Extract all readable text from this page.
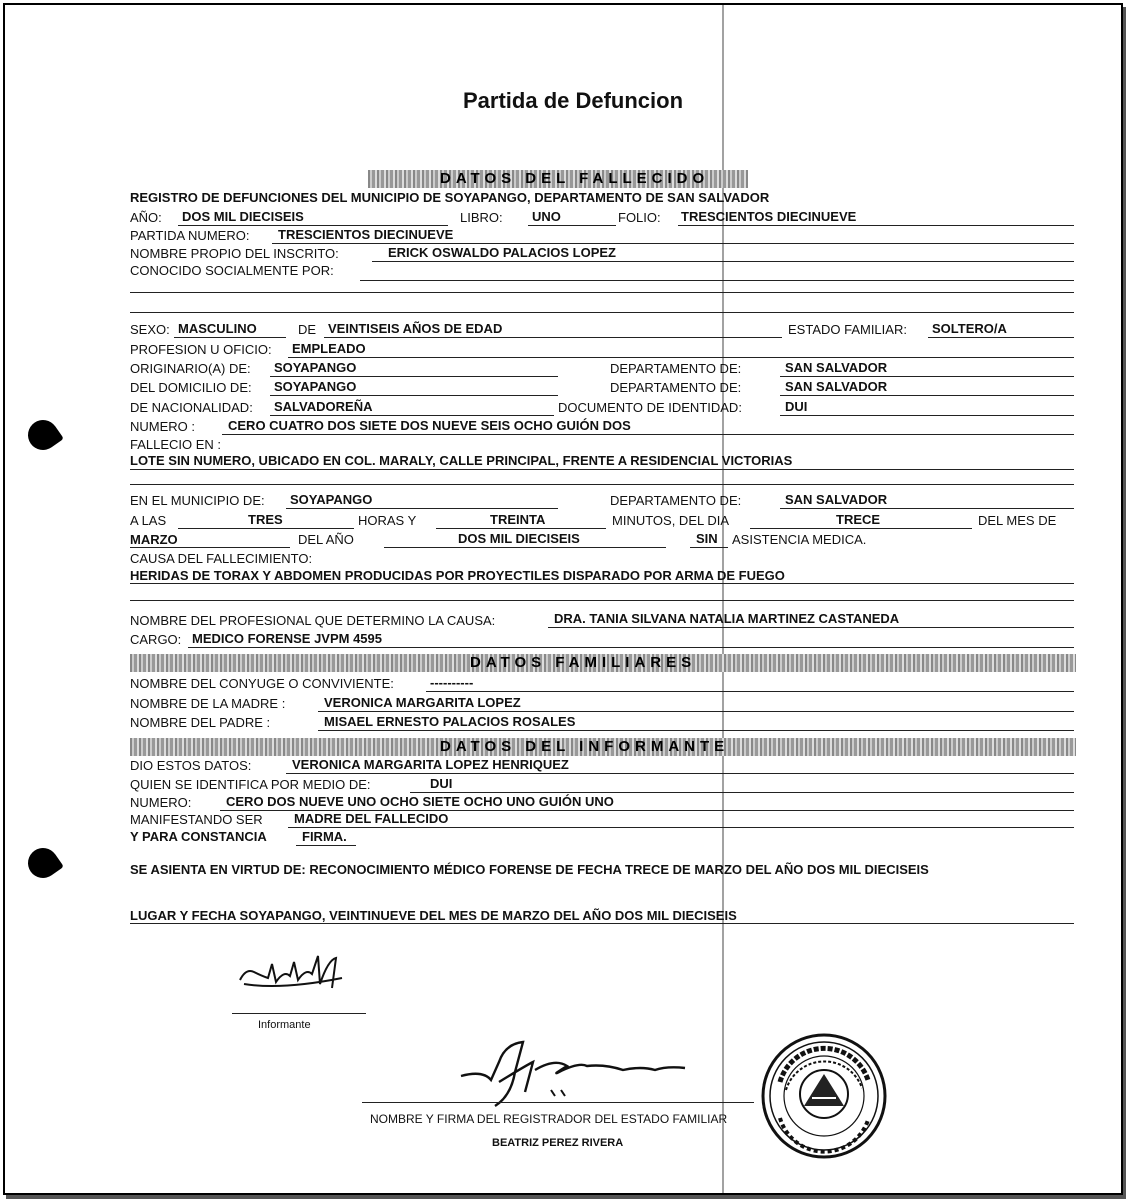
Partida de Defuncion
DATOS DEL FALLECIDO
REGISTRO DE DEFUNCIONES DEL MUNICIPIO DE SOYAPANGO, DEPARTAMENTO DE SAN SALVADOR
AÑO: DOS MIL DIECISEIS	LIBRO: UNO	FOLIO: TRESCIENTOS DIECINUEVE
PARTIDA NUMERO: TRESCIENTOS DIECINUEVE
NOMBRE PROPIO DEL INSCRITO:	ERICK OSWALDO PALACIOS LOPEZ
CONOCIDO SOCIALMENTE POR:
SEXO: MASCULINO	DE VEINTISEIS AÑOS DE EDAD	ESTADO FAMILIAR: SOLTERO/A
PROFESION U OFICIO: EMPLEADO
ORIGINARIO(A) DE: SOYAPANGO	DEPARTAMENTO DE:	SAN SALVADOR
DEL DOMICILIO DE: SOYAPANGO	DEPARTAMENTO DE:	SAN SALVADOR
DE NACIONALIDAD: SALVADOREÑA	DOCUMENTO DE IDENTIDAD:	DUI
NUMERO :	CERO CUATRO DOS SIETE DOS NUEVE SEIS OCHO GUIÓN DOS
FALLECIO EN :
LOTE SIN NUMERO, UBICADO EN COL. MARALY, CALLE PRINCIPAL, FRENTE A RESIDENCIAL VICTORIAS
EN EL MUNICIPIO DE: SOYAPANGO	DEPARTAMENTO DE:	SAN SALVADOR
A LAS	TRES	HORAS Y	TREINTA	MINUTOS, DEL DIA	TRECE	DEL MES DE
MARZO	DEL AÑO	DOS MIL DIECISEIS	SIN ASISTENCIA MEDICA.
CAUSA DEL FALLECIMIENTO:
HERIDAS DE TORAX Y ABDOMEN PRODUCIDAS POR PROYECTILES DISPARADO POR ARMA DE FUEGO
NOMBRE DEL PROFESIONAL QUE DETERMINO LA CAUSA:	DRA. TANIA SILVANA NATALIA MARTINEZ CASTANEDA
CARGO: MEDICO FORENSE JVPM 4595
DATOS FAMILIARES
NOMBRE DEL CONYUGE O CONVIVIENTE:	----------
NOMBRE DE LA MADRE :	VERONICA MARGARITA LOPEZ
NOMBRE DEL PADRE :	MISAEL ERNESTO PALACIOS ROSALES
DATOS DEL INFORMANTE
DIO ESTOS DATOS:	VERONICA MARGARITA LOPEZ HENRIQUEZ
QUIEN SE IDENTIFICA POR MEDIO DE:	DUI
NUMERO:	CERO DOS NUEVE UNO OCHO SIETE OCHO UNO GUIÓN UNO
MANIFESTANDO SER MADRE DEL FALLECIDO
Y PARA CONSTANCIA	FIRMA.
SE ASIENTA EN VIRTUD DE: RECONOCIMIENTO MÉDICO FORENSE DE FECHA TRECE DE MARZO DEL AÑO DOS MIL DIECISEIS
LUGAR Y FECHA SOYAPANGO, VEINTINUEVE DEL MES DE MARZO DEL AÑO DOS MIL DIECISEIS
Informante
NOMBRE Y FIRMA DEL REGISTRADOR DEL ESTADO FAMILIAR
BEATRIZ PEREZ RIVERA
